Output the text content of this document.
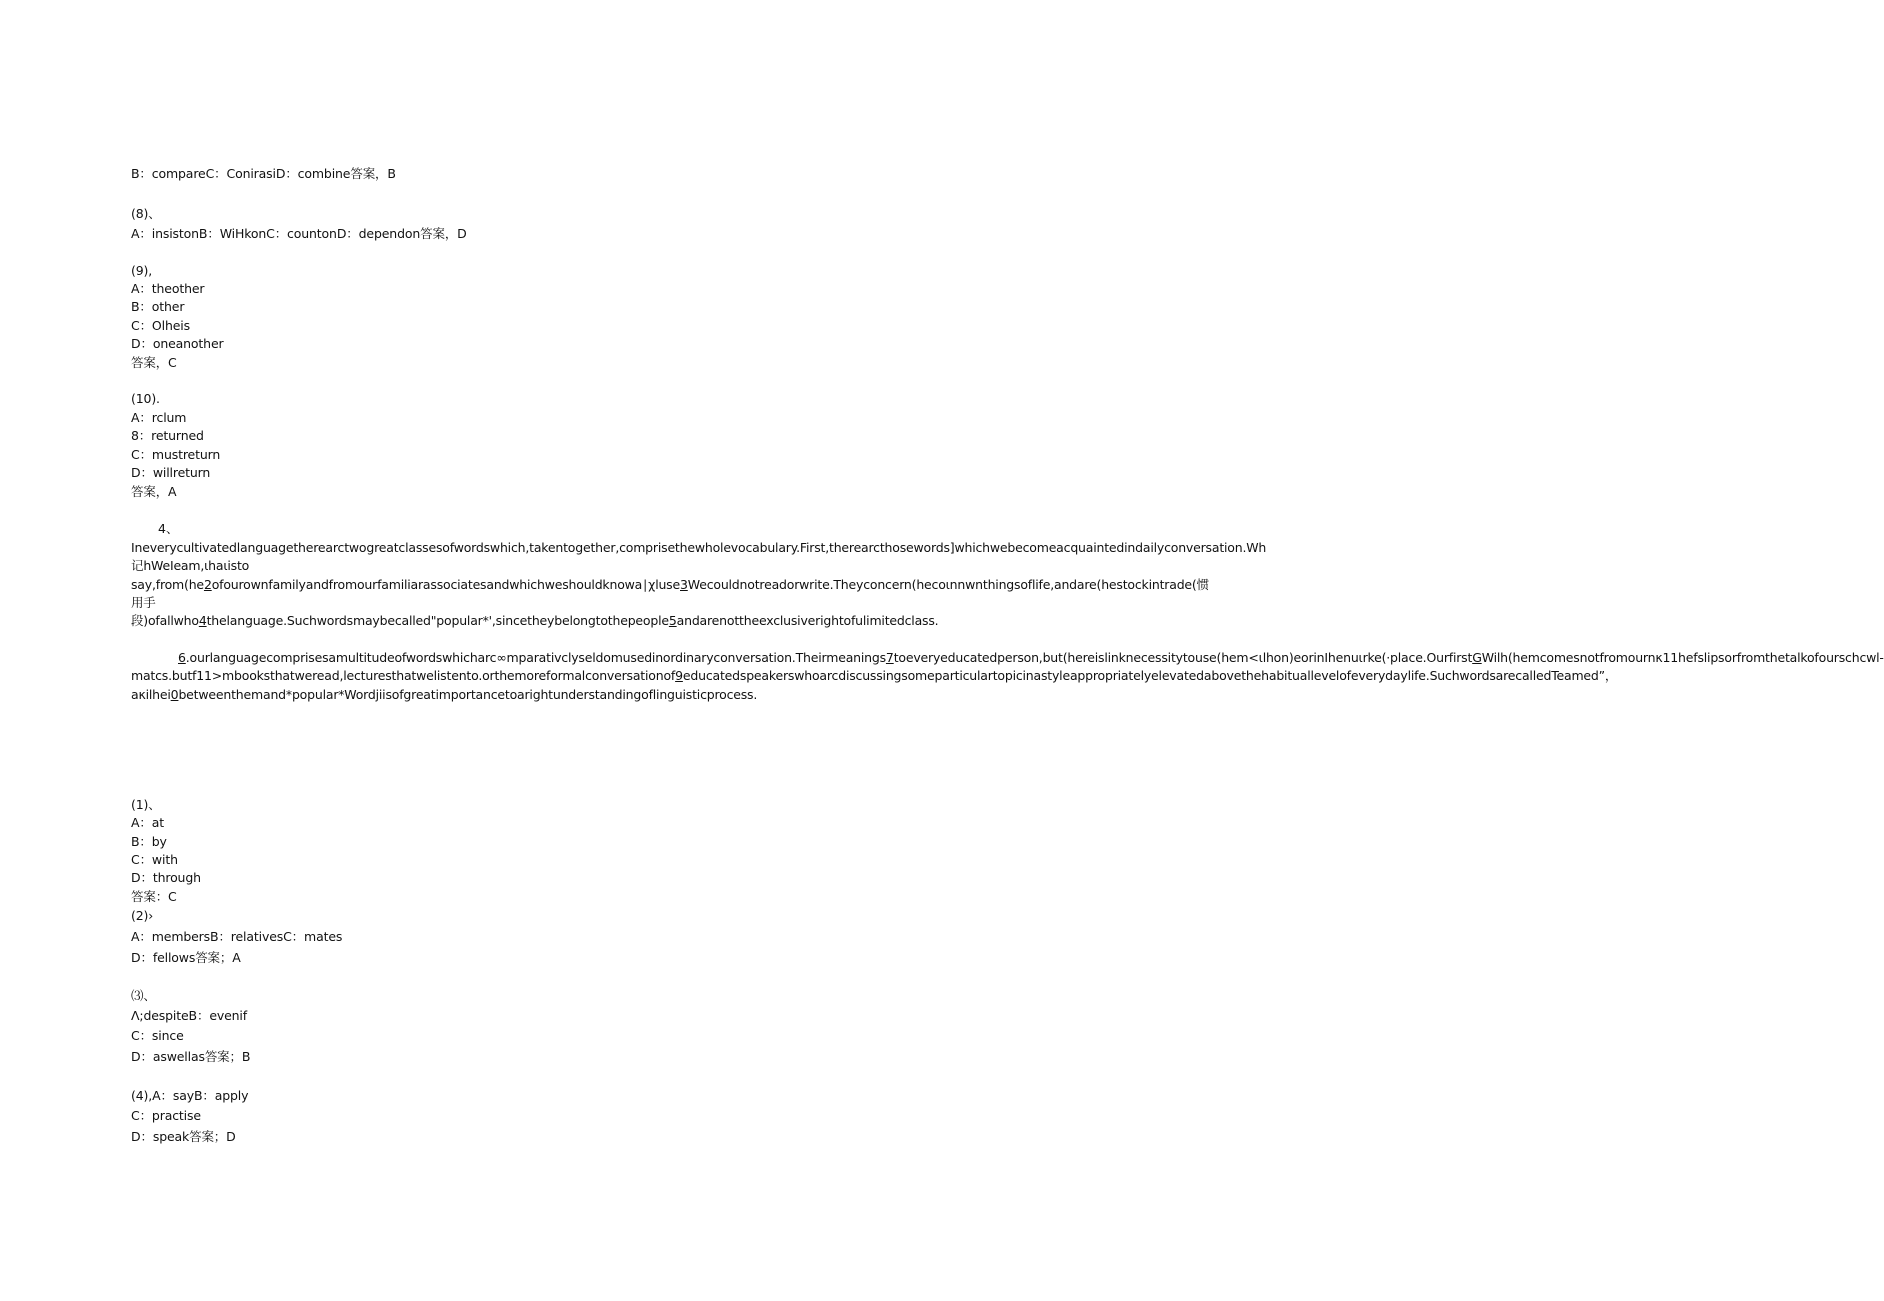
B：compareC：ConirasiD：combine答案，B
(8)、
A：insistonB：WiHkonC：countonD：dependon答案，D
(9),
A：theother
B：other
C：Olheis
D：oneanother
答案，C
(10).
A：rclum
8：returned
C：mustreturn
D：willreturn
答案，A
4、
Ineverycultivatedlanguagetherearctwogreatclassesofwordswhich,takentogether,comprisethewholevocabulary.First,therearcthosewords]whichwebecomeacquaintedindailyconversation.Wh记hWeIeam,ιhaιisto say,from(he2ofourownfamilyandfromourfamiliarassociatesandwhichweshouldknowa∣χluse3Wecouldnotreadorwrite.Theyconcern(hecoιnnwnthingsoflife,andare(hestockintrade(惯用手段)ofallwho4thelanguage.Suchwordsmaybecalled"popular*',sincetheybelongtothepeople5andarenottheexclusiverightofulimitedclass.
6.ourlanguagecomprisesamultitudeofwordswhicharc∞mparativclyseldomusedinordinaryconversation.Theirmeanings7toeveryeducatedperson,but(hereislinknecessitytouse(hem<ιlhon)eorinIhenuιrke(·place.OurfirstGWilh(hemcomesnotfromournκ11hefslipsorfromthetalkofourschcwl-matcs.butf11>mbooksthatweread,lecturesthatwelistento.orthemoreformalconversationof9educatedspeakerswhoarcdiscussingsomeparticulartopicinastyleappropriatelyelevatedabovethehabituallevelofeverydaylife.SuchwordsarecalledTeamed”，aκilhei0betweenthemand*popular*Wordjiisofgreatimportancetoarightunderstandingoflinguisticprocess.
(1)、
A：at
B：by
C：with
D：through
答案：C
(2)›
A：membersB：relativesC：mates
D：fellows答案；A
⑶、
Λ;despiteB：evenif
C：since
D：aswellas答案；B
(4),A：sayB：apply
C：practise
D：speak答案；D
